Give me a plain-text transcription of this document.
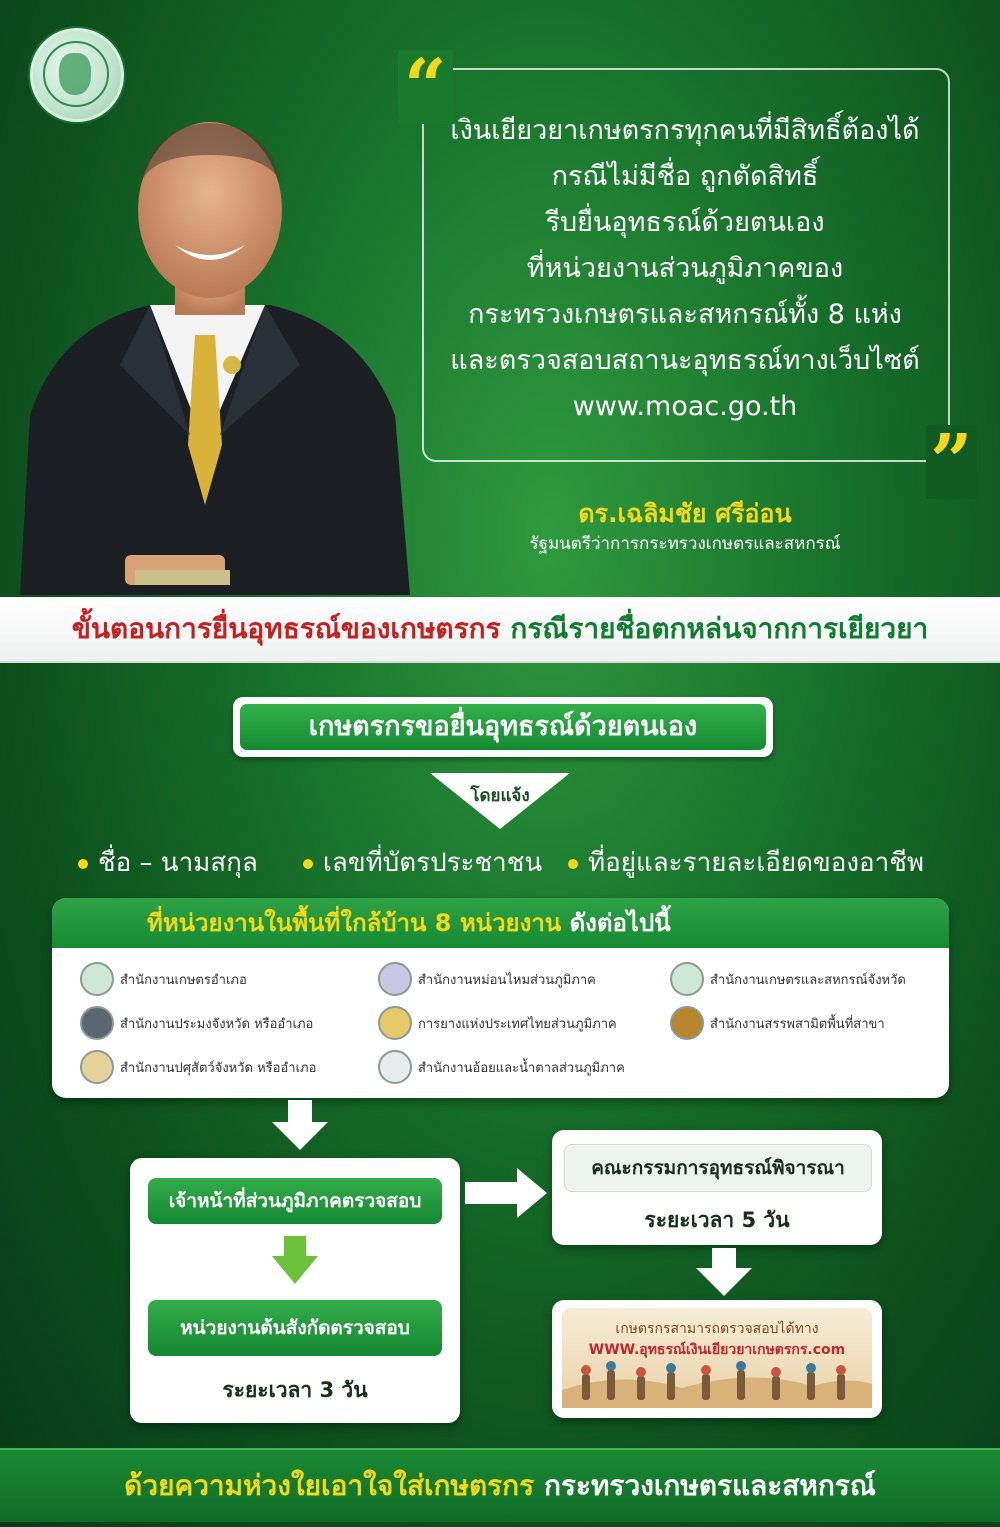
“
”
เงินเยียวยาเกษตรกรทุกคนที่มีสิทธิ์ต้องได้
กรณีไม่มีชื่อ ถูกตัดสิทธิ์
รีบยื่นอุทธรณ์ด้วยตนเอง
ที่หน่วยงานส่วนภูมิภาคของ
กระทรวงเกษตรและสหกรณ์ทั้ง 8 แห่ง
และตรวจสอบสถานะอุทธรณ์ทางเว็บไซต์
www.moac.go.th
ดร.เฉลิมชัย ศรีอ่อน
รัฐมนตรีว่าการกระทรวงเกษตรและสหกรณ์
ขั้นตอนการยื่นอุทธรณ์ของเกษตรกร กรณีรายชื่อตกหล่นจากการเยียวยา
เกษตรกรขอยื่นอุทธรณ์ด้วยตนเอง
โดยแจ้ง
ชื่อ – นามสกุล	เลขที่บัตรประชาชน	ที่อยู่และรายละเอียดของอาชีพ
ที่หน่วยงานในพื้นที่ใกล้บ้าน 8 หน่วยงาน ดังต่อไปนี้
สำนักงานเกษตรอำเภอ
สำนักงานประมงจังหวัด หรืออำเภอ
สำนักงานปศุสัตว์จังหวัด หรืออำเภอ
สำนักงานหม่อนไหมส่วนภูมิภาค
การยางแห่งประเทศไทยส่วนภูมิภาค
สำนักงานอ้อยและน้ำตาลส่วนภูมิภาค
สำนักงานเกษตรและสหกรณ์จังหวัด
สำนักงานสรรพสามิตพื้นที่สาขา
เจ้าหน้าที่ส่วนภูมิภาคตรวจสอบ
หน่วยงานต้นสังกัดตรวจสอบ
ระยะเวลา 3 วัน
คณะกรรมการอุทธรณ์พิจารณา
ระยะเวลา 5 วัน
เกษตรกรสามารถตรวจสอบได้ทาง
WWW.อุทธรณ์เงินเยียวยาเกษตรกร.com
ด้วยความห่วงใยเอาใจใส่เกษตรกร กระทรวงเกษตรและสหกรณ์
